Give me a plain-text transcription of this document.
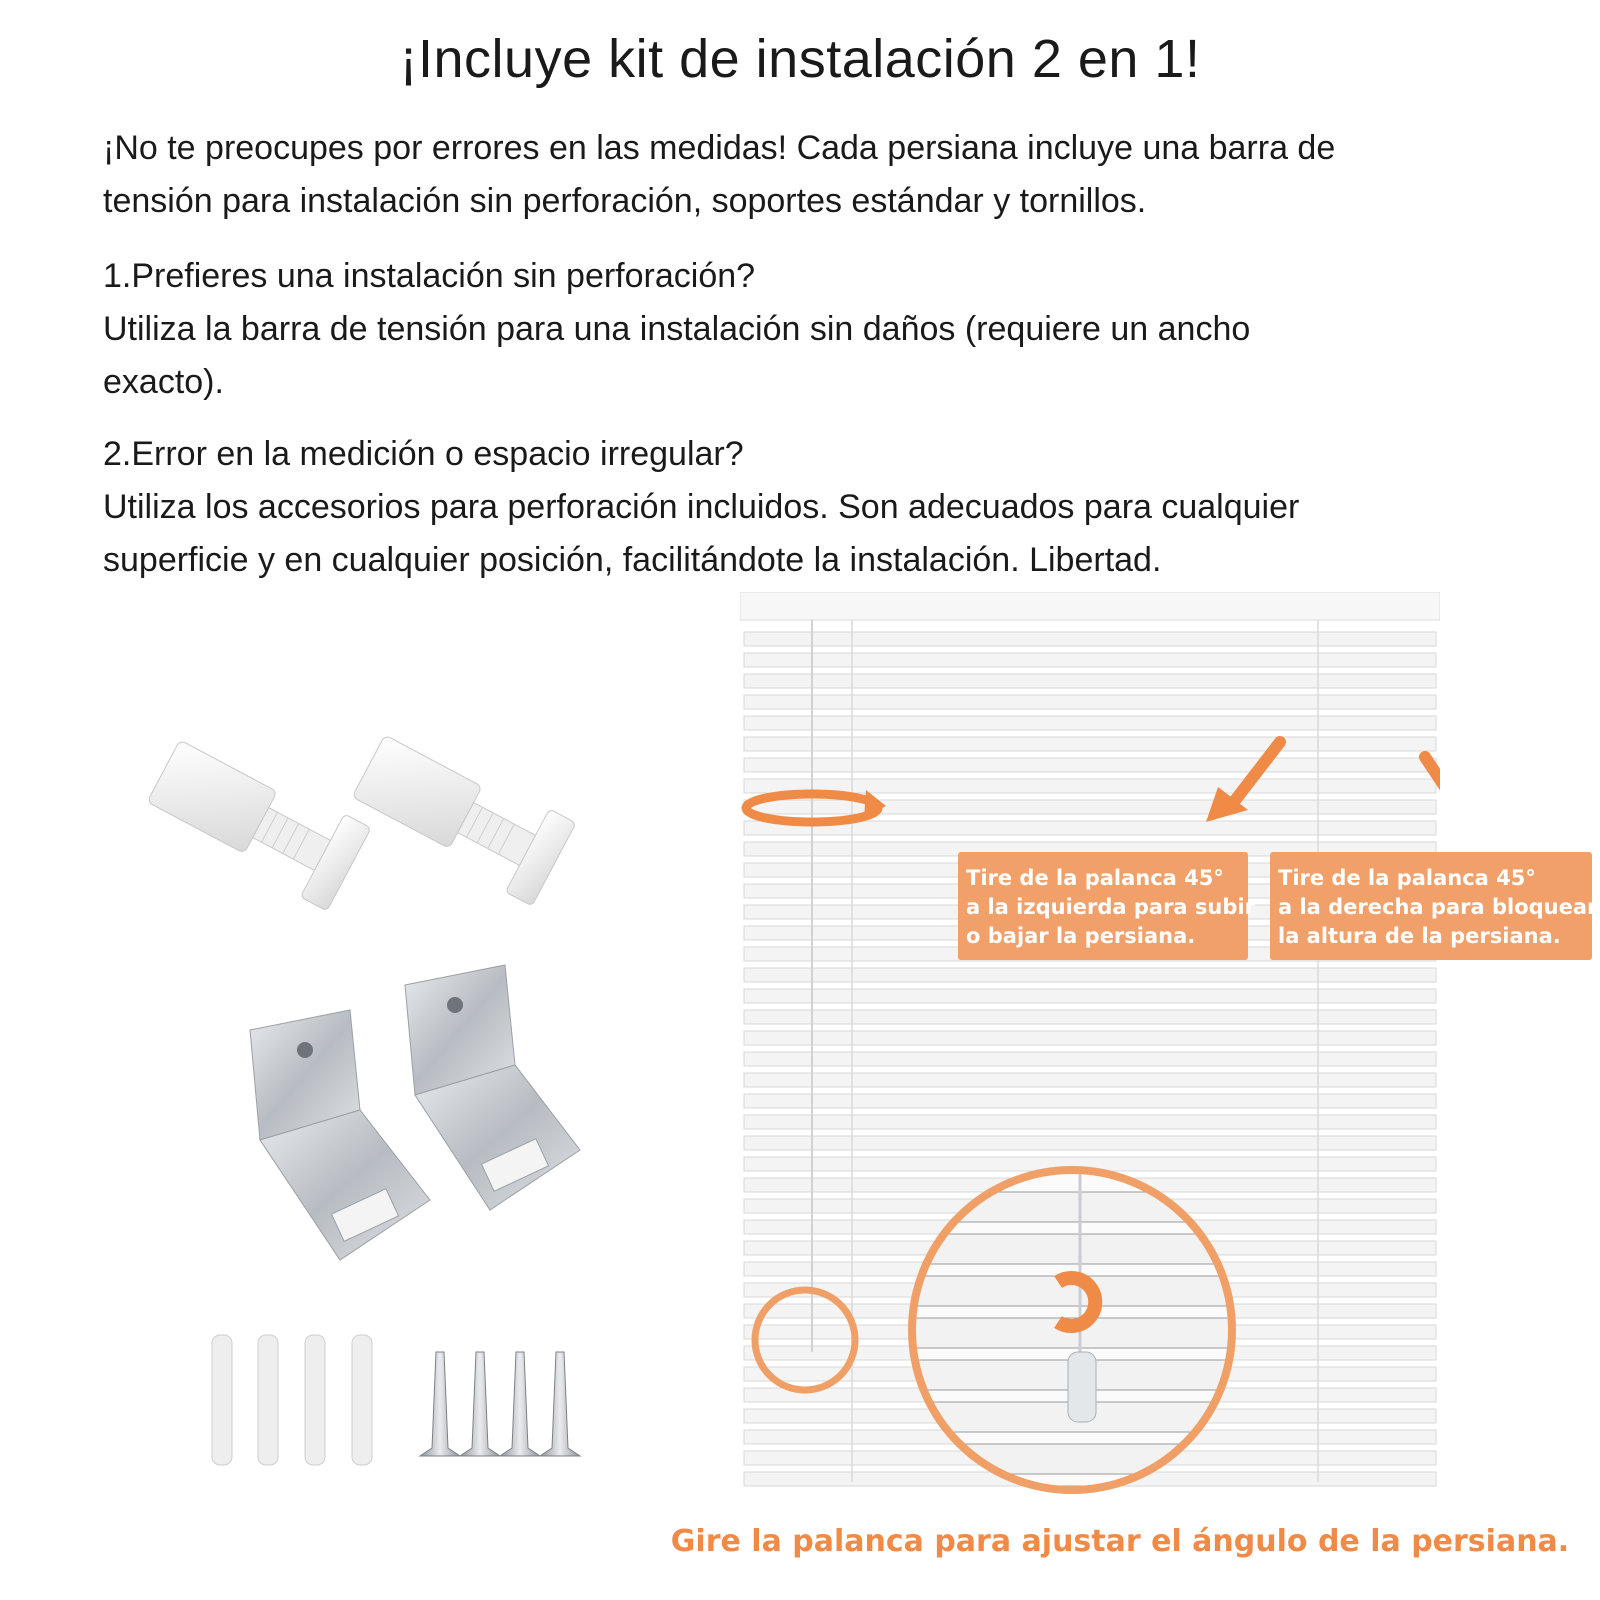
¡Incluye kit de instalación 2 en 1!
¡No te preocupes por errores en las medidas! Cada persiana incluye una barra de
tensión para instalación sin perforación, soportes estándar y tornillos.
1.Prefieres una instalación sin perforación?
Utiliza la barra de tensión para una instalación sin daños (requiere un ancho
exacto).
2.Error en la medición o espacio irregular?
Utiliza los accesorios para perforación incluidos. Son adecuados para cualquier
superficie y en cualquier posición, facilitándote la instalación. Libertad.
Tire de la palanca 45°
a la izquierda para subir
o bajar la persiana.
Tire de la palanca 45°
a la derecha para bloquear
la altura de la persiana.
Gire la palanca para ajustar el ángulo de la persiana.
